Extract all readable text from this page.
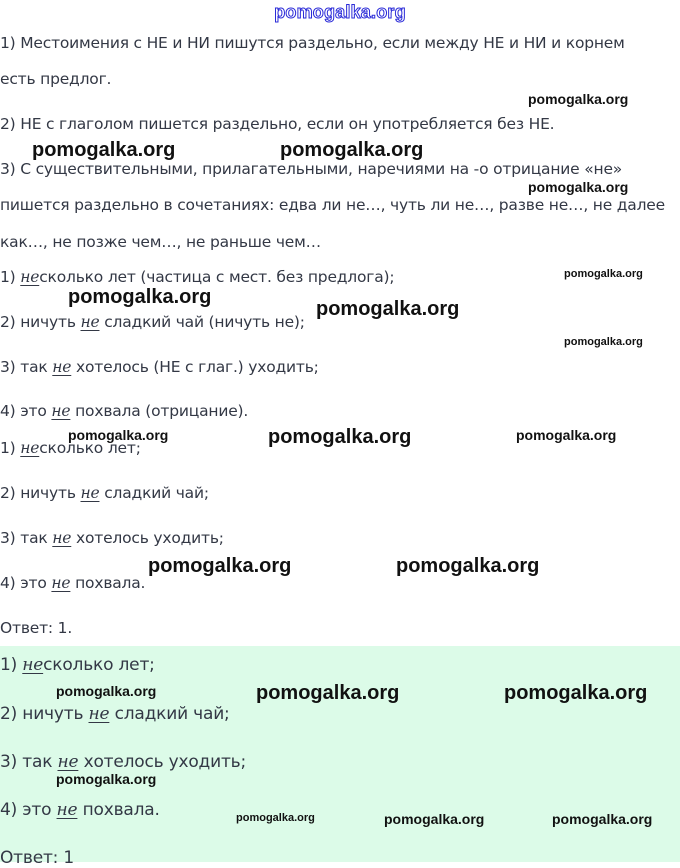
pomogalka.org
1) Местоимения с НЕ и НИ пишутся раздельно, если между НЕ и НИ и корнем
есть предлог.
2) НЕ с глаголом пишется раздельно, если он употребляется без НЕ.
3) С существительными, прилагательными, наречиями на -о отрицание «не»
пишется раздельно в сочетаниях: едва ли не…, чуть ли не…, разве не…, не далее
как…, не позже чем…, не раньше чем…
1) несколько лет (частица с мест. без предлога);
2) ничуть не сладкий чай (ничуть не);
3) так не хотелось (НЕ с глаг.) уходить;
4) это не похвала (отрицание).
1) несколько лет;
2) ничуть не сладкий чай;
3) так не хотелось уходить;
4) это не похвала.
Ответ: 1.
1) несколько лет;
2) ничуть не сладкий чай;
3) так не хотелось уходить;
4) это не похвала.
Ответ: 1
pomogalka.org
pomogalka.org	pomogalka.org
pomogalka.org
pomogalka.org
pomogalka.org
pomogalka.org
pomogalka.org
pomogalka.org	pomogalka.org	pomogalka.org
pomogalka.org	pomogalka.org
pomogalka.org	pomogalka.org	pomogalka.org
pomogalka.org
pomogalka.org	pomogalka.org	pomogalka.org
